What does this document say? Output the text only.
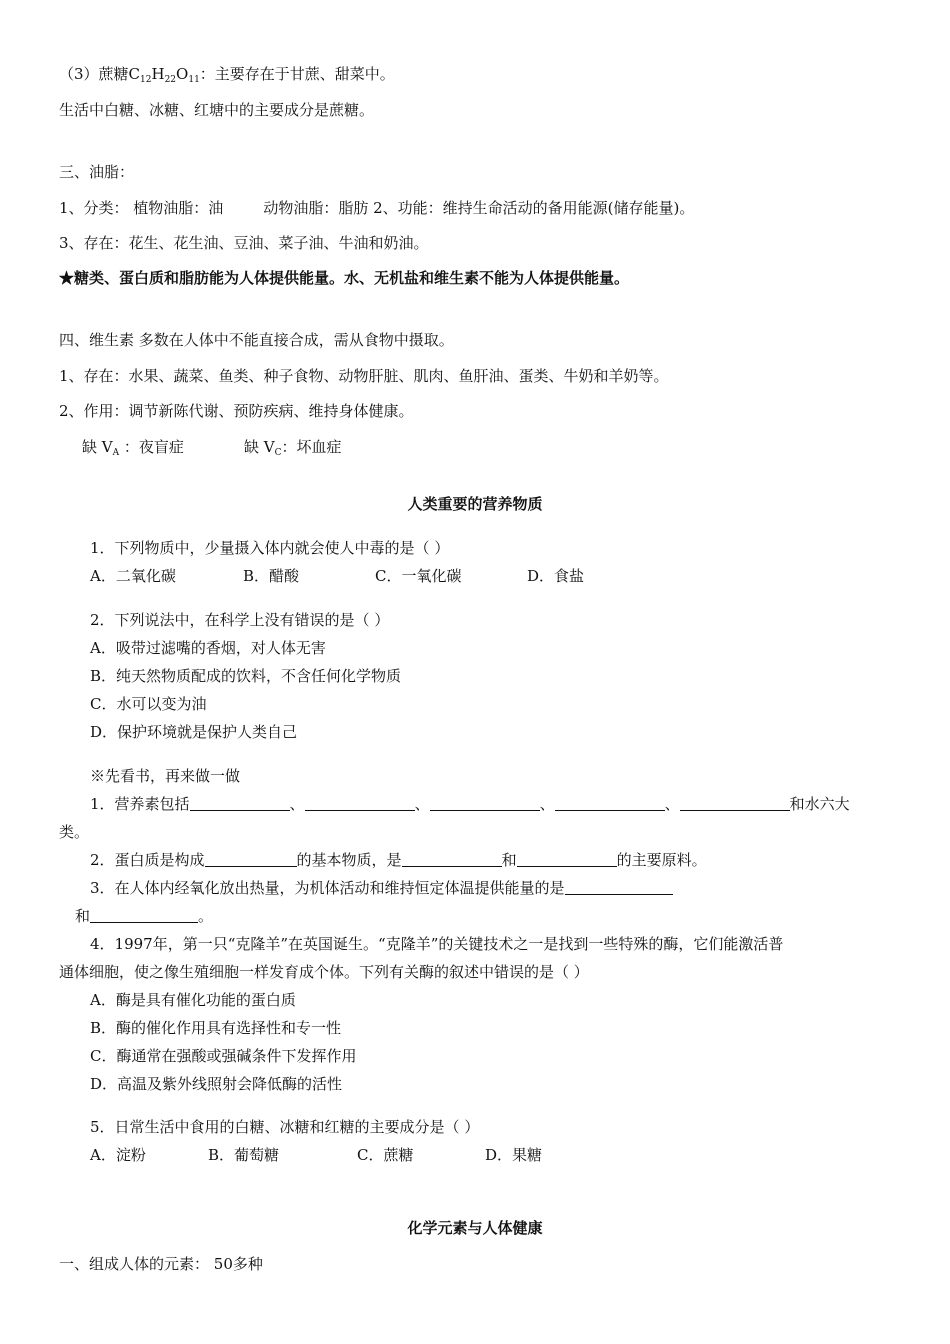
（3）蔗糖$C_{12}H_{22}O_{11}$：主要存在于甘蔗、甜菜中。
生活中白糖、冰糖、红塘中的主要成分是蔗糖。
三、油脂：
1、分类： 植物油脂：油	动物油脂：脂肪 2、功能：维持生命活动的备用能源(储存能量)。
3、存在：花生、花生油、豆油、菜子油、牛油和奶油。
★糖类、蛋白质和脂肪能为人体提供能量。水、无机盐和维生素不能为人体提供能量。
四、维生素 多数在人体中不能直接合成，需从食物中摄取。
1、存在：水果、蔬菜、鱼类、种子食物、动物肝脏、肌肉、鱼肝油、蛋类、牛奶和羊奶等。
2、作用：调节新陈代谢、预防疾病、维持身体健康。
缺 $V_A$ ：夜盲症	缺 $V_C$：坏血症
人类重要的营养物质
1．下列物质中，少量摄入体内就会使人中毒的是（ ）
A．二氧化碳	B．醋酸	C．一氧化碳	D．食盐
2．下列说法中，在科学上没有错误的是（ ）
A．吸带过滤嘴的香烟，对人体无害
B．纯天然物质配成的饮料，不含任何化学物质
C．水可以变为油
D．保护环境就是保护人类自己
※先看书，再来做一做
1．营养素包括	、	、	、	、	和水六大
类。
2．蛋白质是构成	的基本物质，是	和	的主要原料。
3．在人体内经氧化放出热量，为机体活动和维持恒定体温提供能量的是
和	。
4．1997年，第一只“克隆羊”在英国诞生。“克隆羊”的关键技术之一是找到一些特殊的酶，它们能激活普
通体细胞，使之像生殖细胞一样发育成个体。下列有关酶的叙述中错误的是（ ）
A．酶是具有催化功能的蛋白质
B．酶的催化作用具有选择性和专一性
C．酶通常在强酸或强碱条件下发挥作用
D．高温及紫外线照射会降低酶的活性
5．日常生活中食用的白糖、冰糖和红糖的主要成分是（ ）
A．淀粉	B．葡萄糖	C．蔗糖	D．果糖
化学元素与人体健康
一、组成人体的元素： 50多种
